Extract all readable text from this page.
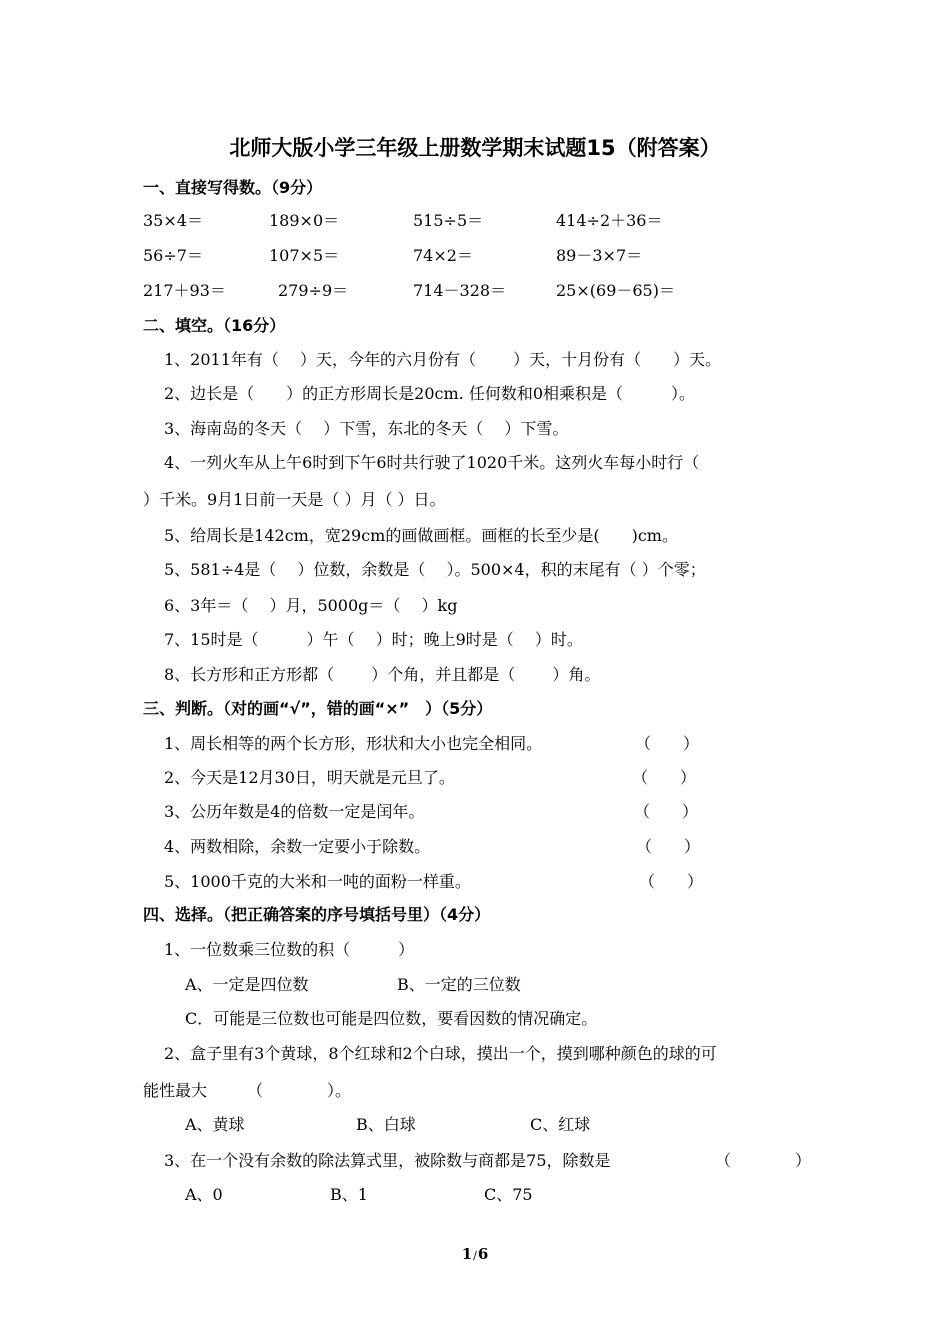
北师大版小学三年级上册数学期末试题15（附答案）
一、直接写得数。（9分）
35×4＝	189×0＝	515÷5＝	414÷2＋36＝
56÷7＝	107×5＝	74×2＝	89－3×7＝
217＋93＝	279÷9＝	714－328＝	25×(69－65)＝
二、填空。（16分）
1、2011年有（　 ）天，今年的六月份有（　　 ）天，十月份有（　　）天。
2、边长是（　　）的正方形周长是20cm. 任何数和0相乘积是（　　　）。
3、海南岛的冬天（　 ）下雪，东北的冬天（　 ）下雪。
4、一列火车从上午6时到下午6时共行驶了1020千米。这列火车每小时行（
）千米。9月1日前一天是（ ）月（ ）日。
5、给周长是142cm，宽29cm的画做画框。画框的长至少是(　　)cm。
5、581÷4是（　 ）位数，余数是（　 ）。500×4，积的末尾有（ ）个零；
6、3年＝（　 ）月，5000g＝（　 ）kg
7、15时是（　　　）午（　 ）时；晚上9时是（　 ）时。
8、长方形和正方形都（　　 ）个角，并且都是（　　 ）角。
三、判断。（对的画“√”，错的画“×”　）（5分）
1、周长相等的两个长方形，形状和大小也完全相同。	（　　）
2、今天是12月30日，明天就是元旦了。	（　　）
3、公历年数是4的倍数一定是闰年。	（　　）
4、两数相除，余数一定要小于除数。	（　　）
5、1000千克的大米和一吨的面粉一样重。	（　　）
四、选择。（把正确答案的序号填括号里）（4分）
1、一位数乘三位数的积（　　　）
A、一定是四位数	B、一定的三位数
C．可能是三位数也可能是四位数，要看因数的情况确定。
2、盒子里有3个黄球，8个红球和2个白球，摸出一个，摸到哪种颜色的球的可
能性最大　　　（　　　　）。
A、黄球	B、白球	C、红球
3、在一个没有余数的除法算式里，被除数与商都是75，除数是	（　　　　）
A、0	B、1	C、75
1/6
